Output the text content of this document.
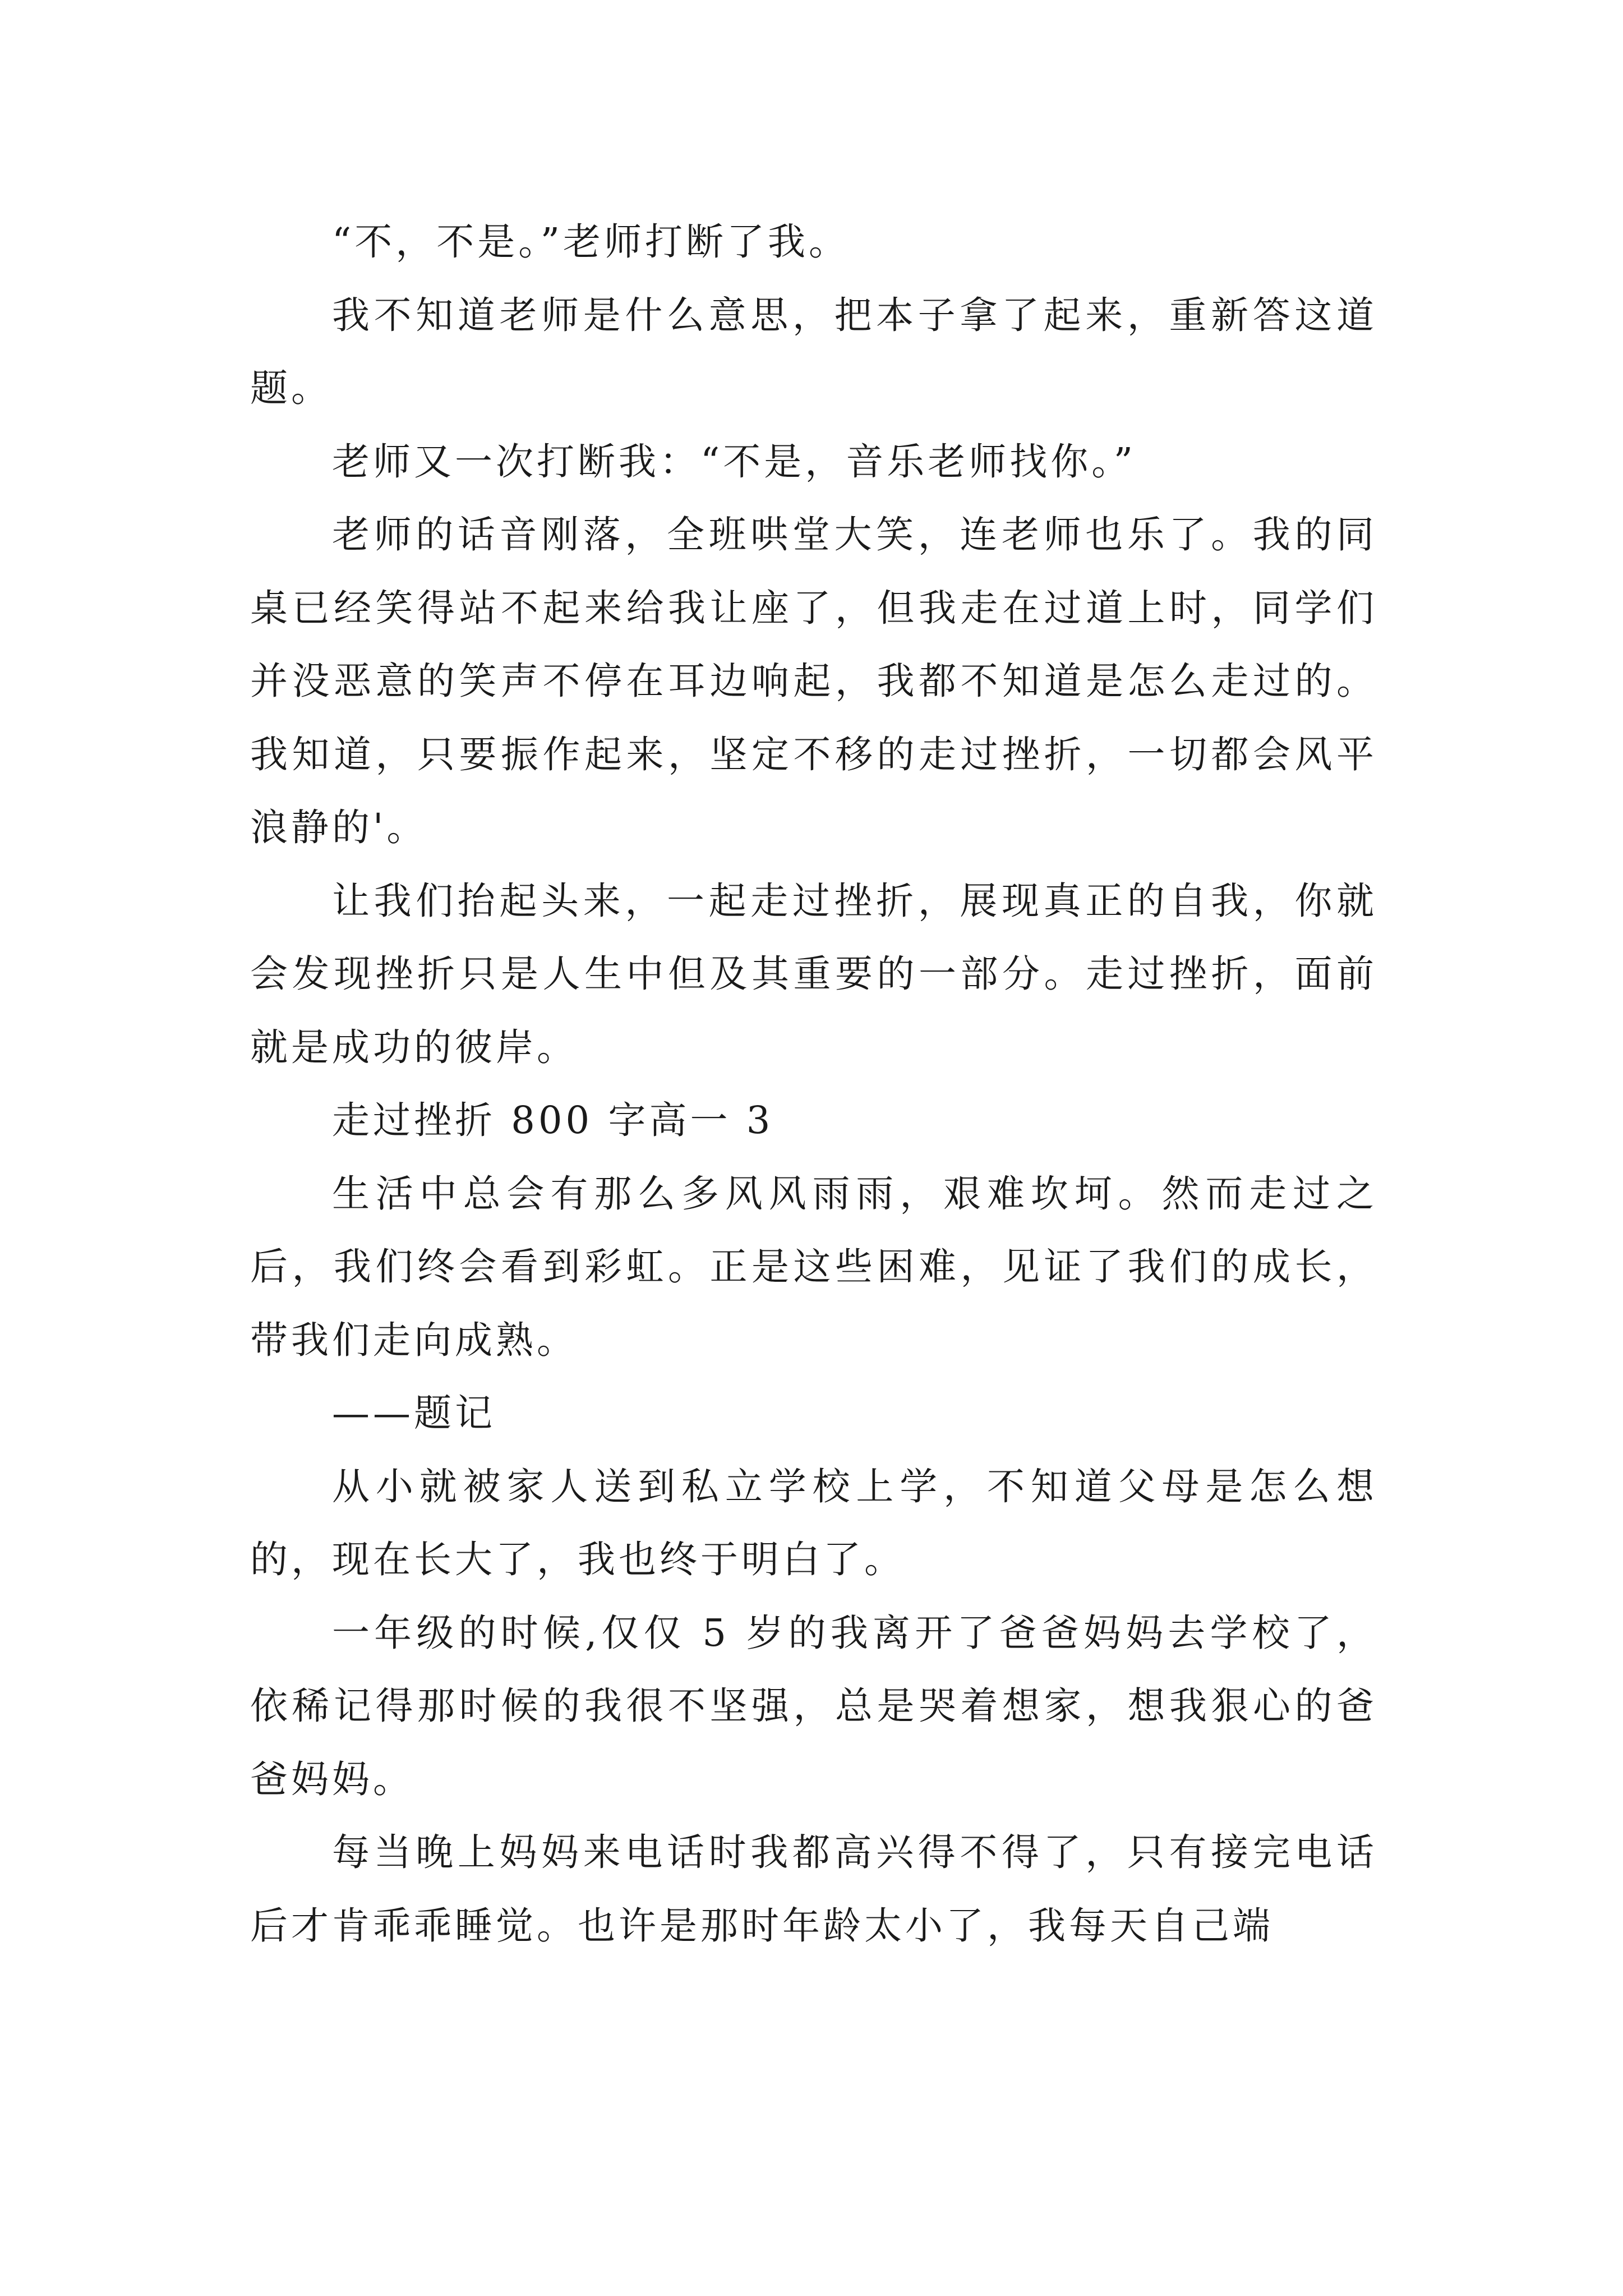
“不，不是。”老师打断了我。

我不知道老师是什么意思，把本子拿了起来，重新答这道题。

老师又一次打断我：“不是，音乐老师找你。”

老师的话音刚落，全班哄堂大笑，连老师也乐了。我的同桌已经笑得站不起来给我让座了，但我走在过道上时，同学们并没恶意的笑声不停在耳边响起，我都不知道是怎么走过的。我知道，只要振作起来，坚定不移的走过挫折，一切都会风平浪静的'。

让我们抬起头来，一起走过挫折，展现真正的自我，你就会发现挫折只是人生中但及其重要的一部分。走过挫折，面前就是成功的彼岸。

走过挫折 800 字高一 3

生活中总会有那么多风风雨雨，艰难坎坷。然而走过之后，我们终会看到彩虹。正是这些困难，见证了我们的成长，带我们走向成熟。

——题记

从小就被家人送到私立学校上学，不知道父母是怎么想的，现在长大了，我也终于明白了。

一年级的时候,仅仅 5 岁的我离开了爸爸妈妈去学校了，依稀记得那时候的我很不坚强，总是哭着想家，想我狠心的爸爸妈妈。

每当晚上妈妈来电话时我都高兴得不得了，只有接完电话后才肯乖乖睡觉。也许是那时年龄太小了，我每天自己端
